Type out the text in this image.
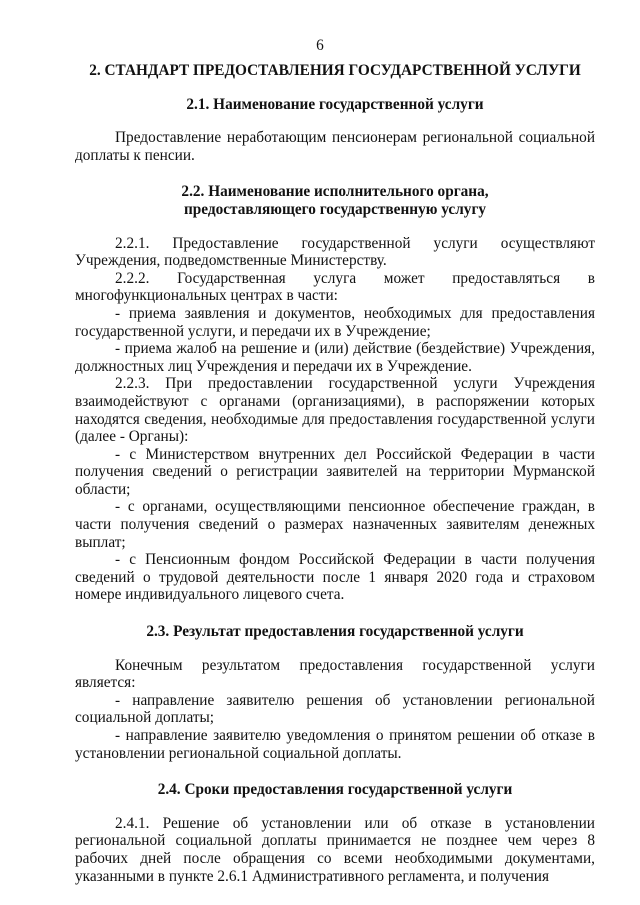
6
2. СТАНДАРТ ПРЕДОСТАВЛЕНИЯ ГОСУДАРСТВЕННОЙ УСЛУГИ
2.1. Наименование государственной услуги

Предоставление неработающим пенсионерам региональной социальной доплаты к пенсии.

2.2. Наименование исполнительного органа, предоставляющего государственную услугу

2.2.1. Предоставление государственной услуги осуществляют Учреждения, подведомственные Министерству.

2.2.2. Государственная услуга может предоставляться в многофункциональных центрах в части:

- приема заявления и документов, необходимых для предоставления государственной услуги, и передачи их в Учреждение;

- приема жалоб на решение и (или) действие (бездействие) Учреждения, должностных лиц Учреждения и передачи их в Учреждение.

2.2.3. При предоставлении государственной услуги Учреждения взаимодействуют с органами (организациями), в распоряжении которых находятся сведения, необходимые для предоставления государственной услуги (далее - Органы):

- с Министерством внутренних дел Российской Федерации в части получения сведений о регистрации заявителей на территории Мурманской области;

- с органами, осуществляющими пенсионное обеспечение граждан, в части получения сведений о размерах назначенных заявителям денежных выплат;

- с Пенсионным фондом Российской Федерации в части получения сведений о трудовой деятельности после 1 января 2020 года и страховом номере индивидуального лицевого счета.

2.3. Результат предоставления государственной услуги

Конечным результатом предоставления государственной услуги является:

- направление заявителю решения об установлении региональной социальной доплаты;

- направление заявителю уведомления о принятом решении об отказе в установлении региональной социальной доплаты.

2.4. Сроки предоставления государственной услуги

2.4.1. Решение об установлении или об отказе в установлении региональной социальной доплаты принимается не позднее чем через 8 рабочих дней после обращения со всеми необходимыми документами, указанными в пункте 2.6.1 Административного регламента, и получения
